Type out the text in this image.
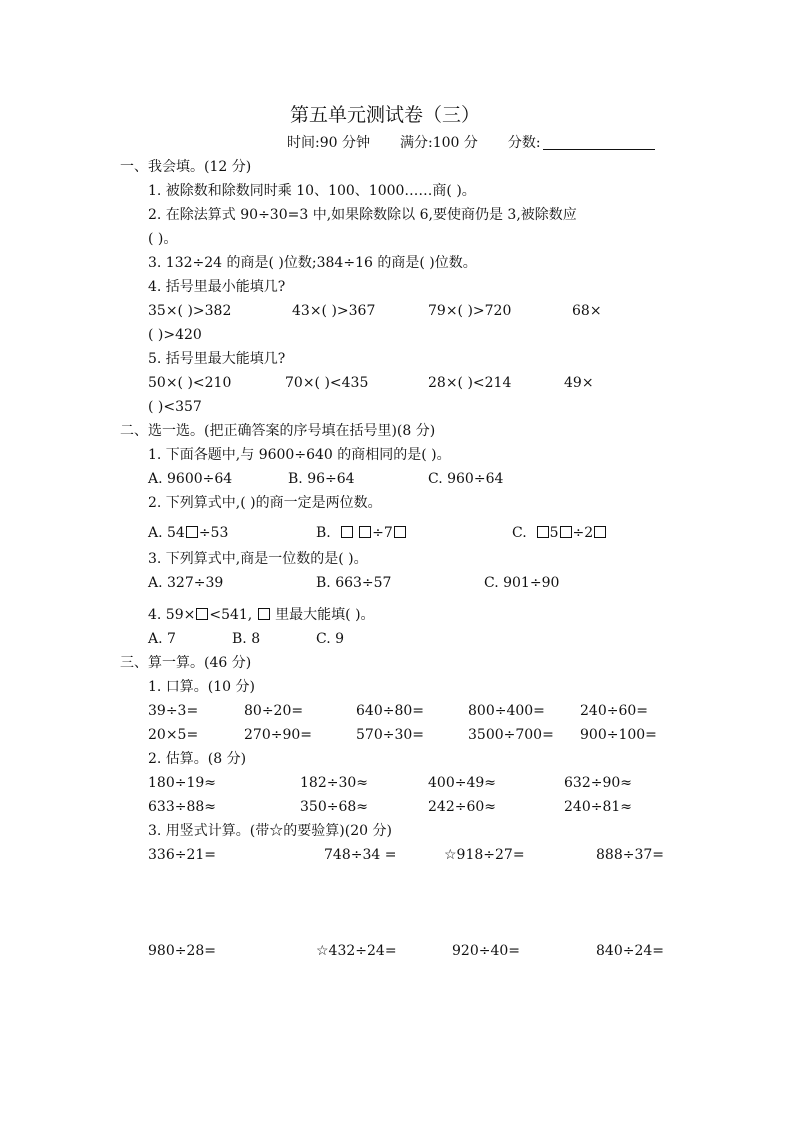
第五单元测试卷（三）
时间:90 分钟 满分:100 分 分数:
一、我会填。(12 分)
1. 被除数和除数同时乘 10、100、1000……商( )。
2. 在除法算式 90÷30=3 中,如果除数除以 6,要使商仍是 3,被除数应
( )。
3. 132÷24 的商是( )位数;384÷16 的商是( )位数。
4. 括号里最小能填几?
35×( )>382	43×( )>367	79×( )>720	68×
( )>420
5. 括号里最大能填几?
50×( )<210	70×( )<435	28×( )<214	49×
( )<357
二、选一选。(把正确答案的序号填在括号里)(8 分)
1. 下面各题中,与 9600÷640 的商相同的是( )。
A. 9600÷64	B. 96÷64	C. 960÷64
2. 下列算式中,( )的商一定是两位数。
A. 54 ÷53	B.	÷7	C. 5 ÷2
3. 下列算式中,商是一位数的是( )。
A. 327÷39	B. 663÷57	C. 901÷90
4. 59× <541, 里最大能填( )。
A. 7	B. 8	C. 9
三、算一算。(46 分)
1. 口算。(10 分)
39÷3=	80÷20=	640÷80=	800÷400=	240÷60=
20×5=	270÷90=	570÷30=	3500÷700= 900÷100=
2. 估算。(8 分)
180÷19≈	182÷30≈	400÷49≈	632÷90≈
633÷88≈	350÷68≈	242÷60≈	240÷81≈
3. 用竖式计算。(带☆的要验算)(20 分)
336÷21=	748÷34 =	☆918÷27=	888÷37=
980÷28=	☆432÷24=	920÷40=	840÷24=
